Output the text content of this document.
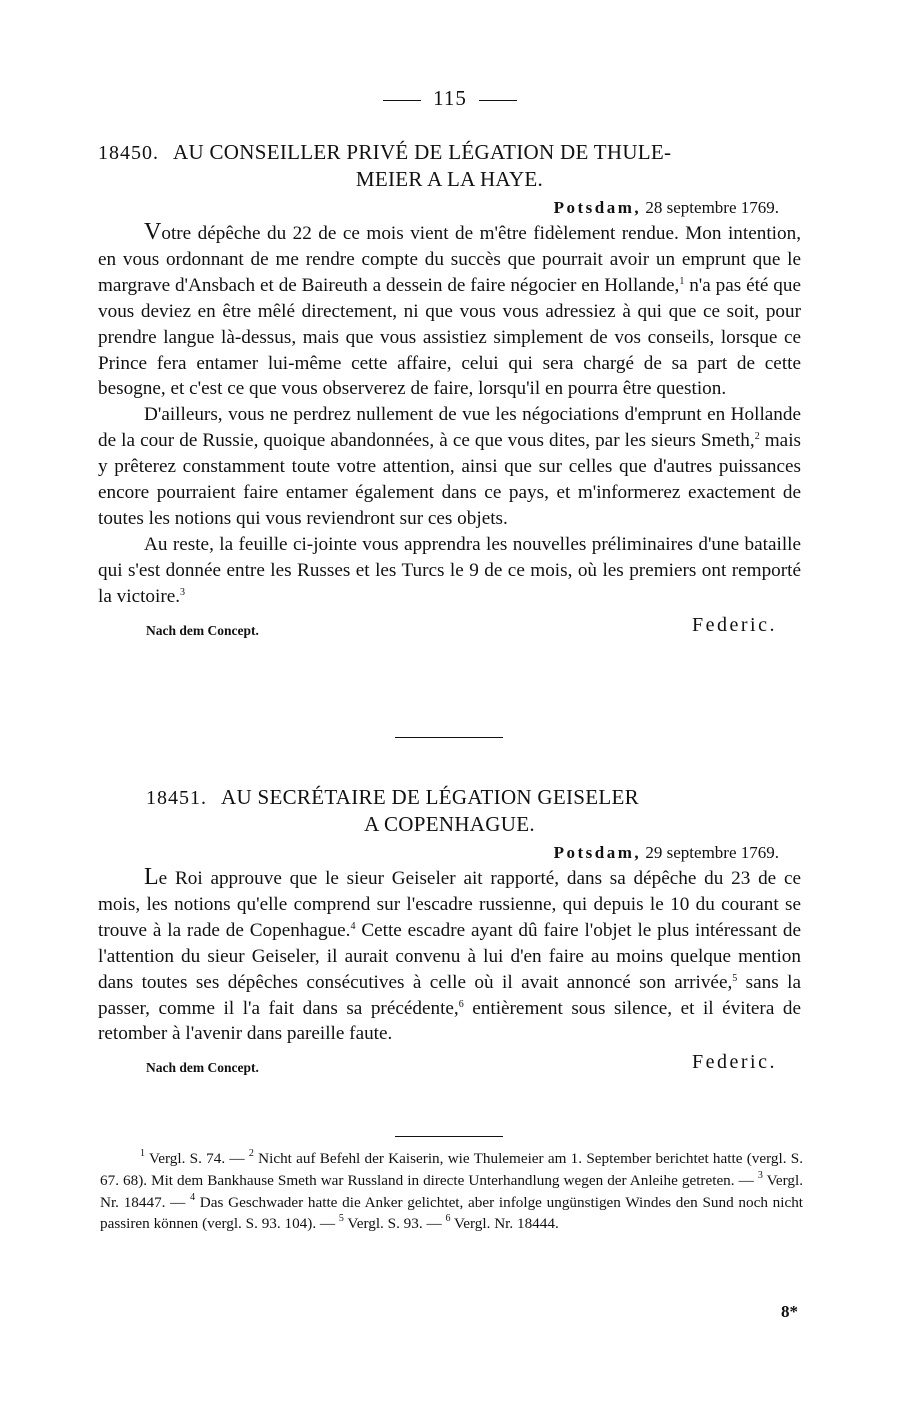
115
18450. AU CONSEILLER PRIVÉ DE LÉGATION DE THULE-
MEIER A LA HAYE.
Potsdam, 28 septembre 1769.

Votre dépêche du 22 de ce mois vient de m'être fidèlement rendue. Mon intention, en vous ordonnant de me rendre compte du succès que pourrait avoir un emprunt que le margrave d'Ansbach et de Baireuth a dessein de faire négocier en Hollande,$^1$ n'a pas été que vous deviez en être mêlé directement, ni que vous vous adressiez à qui que ce soit, pour prendre langue là-dessus, mais que vous assistiez simplement de vos conseils, lorsque ce Prince fera entamer lui-même cette affaire, celui qui sera chargé de sa part de cette besogne, et c'est ce que vous observerez de faire, lorsqu'il en pourra être question.

D'ailleurs, vous ne perdrez nullement de vue les négociations d'emprunt en Hollande de la cour de Russie, quoique abandonnées, à ce que vous dites, par les sieurs Smeth,$^2$ mais y prêterez constamment toute votre attention, ainsi que sur celles que d'autres puissances encore pourraient faire entamer également dans ce pays, et m'informerez exactement de toutes les notions qui vous reviendront sur ces objets.

Au reste, la feuille ci-jointe vous apprendra les nouvelles préliminaires d'une bataille qui s'est donnée entre les Russes et les Turcs le 9 de ce mois, où les premiers ont remporté la victoire.$^3$

Nach dem Concept.	Federic.
18451. AU SECRÉTAIRE DE LÉGATION GEISELER
A COPENHAGUE.
Potsdam, 29 septembre 1769.

Le Roi approuve que le sieur Geiseler ait rapporté, dans sa dépêche du 23 de ce mois, les notions qu'elle comprend sur l'escadre russienne, qui depuis le 10 du courant se trouve à la rade de Copenhague.$^4$ Cette escadre ayant dû faire l'objet le plus intéressant de l'attention du sieur Geiseler, il aurait convenu à lui d'en faire au moins quelque mention dans toutes ses dépêches consécutives à celle où il avait annoncé son arrivée,$^5$ sans la passer, comme il l'a fait dans sa précédente,$^6$ entièrement sous silence, et il évitera de retomber à l'avenir dans pareille faute.

Nach dem Concept.	Federic.

$^1$ Vergl. S. 74. — $^2$ Nicht auf Befehl der Kaiserin, wie Thulemeier am 1. September berichtet hatte (vergl. S. 67. 68). Mit dem Bankhause Smeth war Russland in directe Unterhandlung wegen der Anleihe getreten. — $^3$ Vergl. Nr. 18447. — $^4$ Das Geschwader hatte die Anker gelichtet, aber infolge ungünstigen Windes den Sund noch nicht passiren können (vergl. S. 93. 104). — $^5$ Vergl. S. 93. — $^6$ Vergl. Nr. 18444.

8*
